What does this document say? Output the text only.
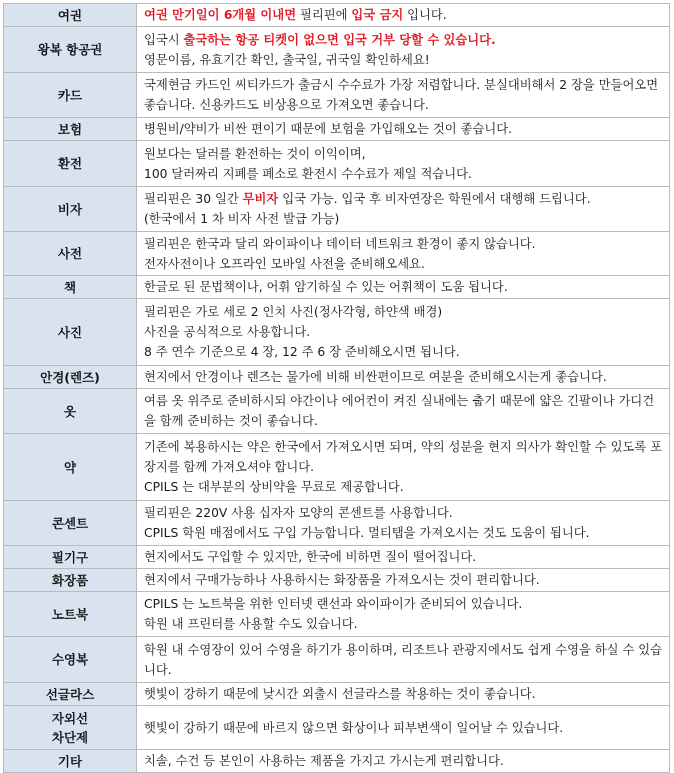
여권	여권 만기일이 6개월 이내면 필리핀에 입국 금지 입니다.

왕복 항공권	입국시 출국하는 항공 티켓이 없으면 입국 거부 당할 수 있습니다.
영문이름, 유효기간 확인, 출국일, 귀국일 확인하세요!

카드	국제현금 카드인 씨티카드가 출금시 수수료가 가장 저렴합니다. 분실대비해서 2 장을 만들어오면 좋습니다. 신용카드도 비상용으로 가져오면 좋습니다.

보험	병원비/약비가 비싼 편이기 때문에 보험을 가입해오는 것이 좋습니다.

환전	원보다는 달러를 환전하는 것이 이익이며,
100 달러짜리 지폐를 폐소로 환전시 수수료가 제일 적습니다.

비자	필리핀은 30 일간 무비자 입국 가능. 입국 후 비자연장은 학원에서 대행해 드립니다.
(한국에서 1 차 비자 사전 발급 가능)

사전	필리핀은 한국과 달리 와이파이나 데이터 네트워크 환경이 좋지 않습니다.
전자사전이나 오프라인 모바일 사전을 준비해오세요.

책	한글로 된 문법책이나, 어휘 암기하실 수 있는 어휘책이 도움 됩니다.

사진	필리핀은 가로 세로 2 인치 사진(정사각형, 하얀색 배경)
사진을 공식적으로 사용합니다.
8 주 연수 기준으로 4 장, 12 주 6 장 준비해오시면 됩니다.

안경(렌즈)	현지에서 안경이나 렌즈는 물가에 비해 비싼편이므로 여분을 준비해오시는게 좋습니다.

옷	여름 옷 위주로 준비하시되 야간이나 에어컨이 켜진 실내에는 춥기 때문에 얇은 긴팔이나 가디건을 함께 준비하는 것이 좋습니다.

약	기존에 복용하시는 약은 한국에서 가져오시면 되며, 약의 성분을 현지 의사가 확인할 수 있도록 포장지를 함께 가져오셔야 합니다.
CPILS 는 대부분의 상비약을 무료로 제공합니다.

콘센트	필리핀은 220V 사용 십자자 모양의 콘센트를 사용합니다.
CPILS 학원 매점에서도 구입 가능합니다. 멀티탭을 가져오시는 것도 도움이 됩니다.

필기구	현지에서도 구입할 수 있지만, 한국에 비하면 질이 떨어집니다.

화장품	현지에서 구매가능하나 사용하시는 화장품을 가져오시는 것이 편리합니다.

노트북	CPILS 는 노트북을 위한 인터넷 랜선과 와이파이가 준비되어 있습니다.
학원 내 프린터를 사용할 수도 있습니다.

수영복	학원 내 수영장이 있어 수영을 하기가 용이하며, 리조트나 관광지에서도 쉽게 수영을 하실 수 있습니다.

선글라스	햇빛이 강하기 때문에 낮시간 외출시 선글라스를 착용하는 것이 좋습니다.

자외선
차단제	햇빛이 강하기 때문에 바르지 않으면 화상이나 피부변색이 일어날 수 있습니다.

기타	치솔, 수건 등 본인이 사용하는 제품을 가지고 가시는게 편리합니다.
